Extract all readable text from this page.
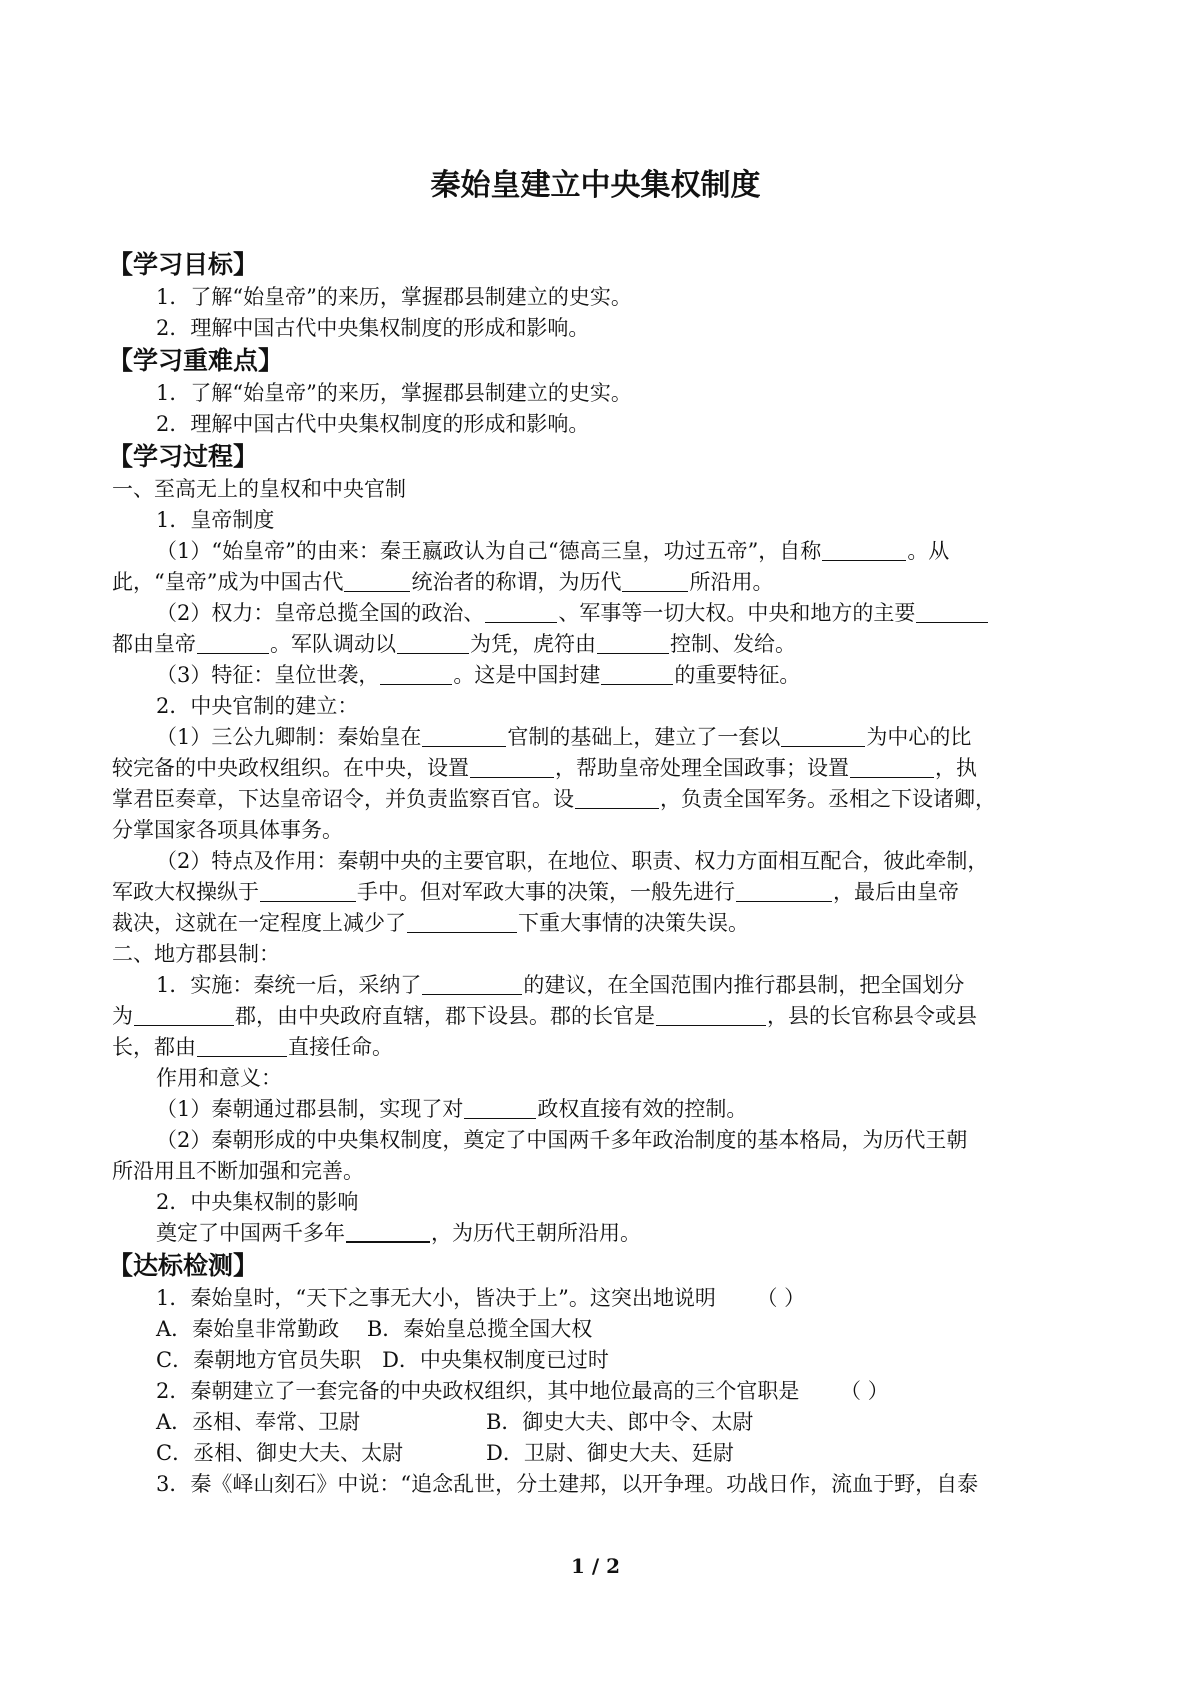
秦始皇建立中央集权制度
【学习目标】
1．了解“始皇帝”的来历，掌握郡县制建立的史实。
2．理解中国古代中央集权制度的形成和影响。
【学习重难点】
1．了解“始皇帝”的来历，掌握郡县制建立的史实。
2．理解中国古代中央集权制度的形成和影响。
【学习过程】
一、至高无上的皇权和中央官制
1．皇帝制度
（1）“始皇帝”的由来：秦王嬴政认为自己“德高三皇，功过五帝”，自称	。从
此，“皇帝”成为中国古代	统治者的称谓，为历代	所沿用。
（2）权力：皇帝总揽全国的政治、	、军事等一切大权。中央和地方的主要
都由皇帝	。军队调动以	为凭，虎符由	控制、发给。
（3）特征：皇位世袭，	。这是中国封建	的重要特征。
2．中央官制的建立：
（1）三公九卿制：秦始皇在	官制的基础上，建立了一套以	为中心的比
较完备的中央政权组织。在中央，设置	，帮助皇帝处理全国政事；设置	，执
掌君臣奏章，下达皇帝诏令，并负责监察百官。设	，负责全国军务。丞相之下设诸卿，
分掌国家各项具体事务。
（2）特点及作用：秦朝中央的主要官职，在地位、职责、权力方面相互配合，彼此牵制，
军政大权操纵于	手中。但对军政大事的决策，一般先进行	，最后由皇帝
裁决，这就在一定程度上减少了	下重大事情的决策失误。
二、地方郡县制：
1．实施：秦统一后，采纳了	的建议，在全国范围内推行郡县制，把全国划分
为	郡，由中央政府直辖，郡下设县。郡的长官是	，县的长官称县令或县
长，都由	直接任命。
作用和意义：
（1）秦朝通过郡县制，实现了对	政权直接有效的控制。
（2）秦朝形成的中央集权制度，奠定了中国两千多年政治制度的基本格局，为历代王朝
所沿用且不断加强和完善。
2．中央集权制的影响
奠定了中国两千多年	，为历代王朝所沿用。
【达标检测】
1．秦始皇时，“天下之事无大小，皆决于上”。这突出地说明 （ ）
A．秦始皇非常勤政　 B．秦始皇总揽全国大权
C．秦朝地方官员失职　D．中央集权制度已过时
2．秦朝建立了一套完备的中央政权组织，其中地位最高的三个官职是 （ ）
A．丞相、奉常、卫尉	B．御史大夫、郎中令、太尉
C．丞相、御史大夫、太尉	D．卫尉、御史大夫、廷尉
3．秦《峄山刻石》中说：“追念乱世，分土建邦，以开争理。功战日作，流血于野，自泰
1 / 2
